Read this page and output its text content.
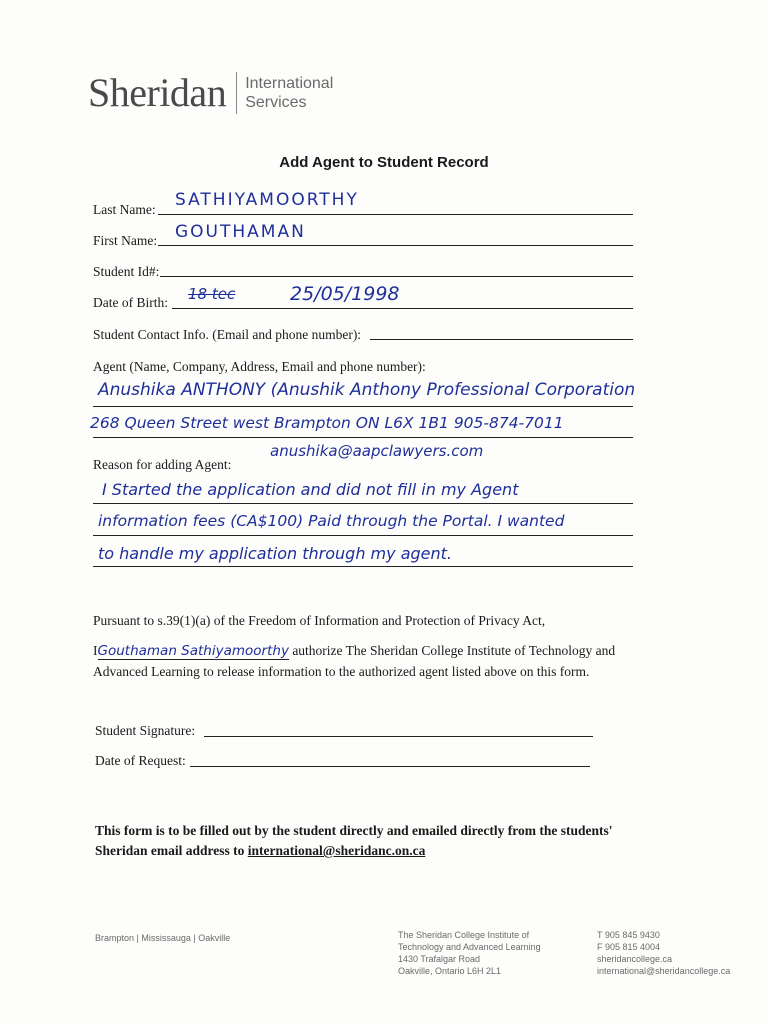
Sheridan International
Services
Add Agent to Student Record
Last Name: SATHIYAMOORTHY
First Name: GOUTHAMAN
Student Id#:
Date of Birth: 18 tec	25/05/1998
Student Contact Info. (Email and phone number):
Agent (Name, Company, Address, Email and phone number):
Anushika ANTHONY (Anushik Anthony Professional Corporation
268 Queen Street west Brampton ON L6X 1B1 905-874-7011
anushika@aapclawyers.com
Reason for adding Agent:
I Started the application and did not fill in my Agent
information fees (CA$100) Paid through the Portal. I wanted
to handle my application through my agent.
Pursuant to s.39(1)(a) of the Freedom of Information and Protection of Privacy Act,
IGouthaman Sathiyamoorthy authorize The Sheridan College Institute of Technology and
Advanced Learning to release information to the authorized agent listed above on this form.
Student Signature:
Date of Request:
This form is to be filled out by the student directly and emailed directly from the students'
Sheridan email address to international@sheridanc.on.ca
Brampton | Mississauga | Oakville	The Sheridan College Institute of
Technology and Advanced Learning
1430 Trafalgar Road
Oakville, Ontario L6H 2L1
T 905 845 9430
F 905 815 4004
sheridancollege.ca
international@sheridancollege.ca
